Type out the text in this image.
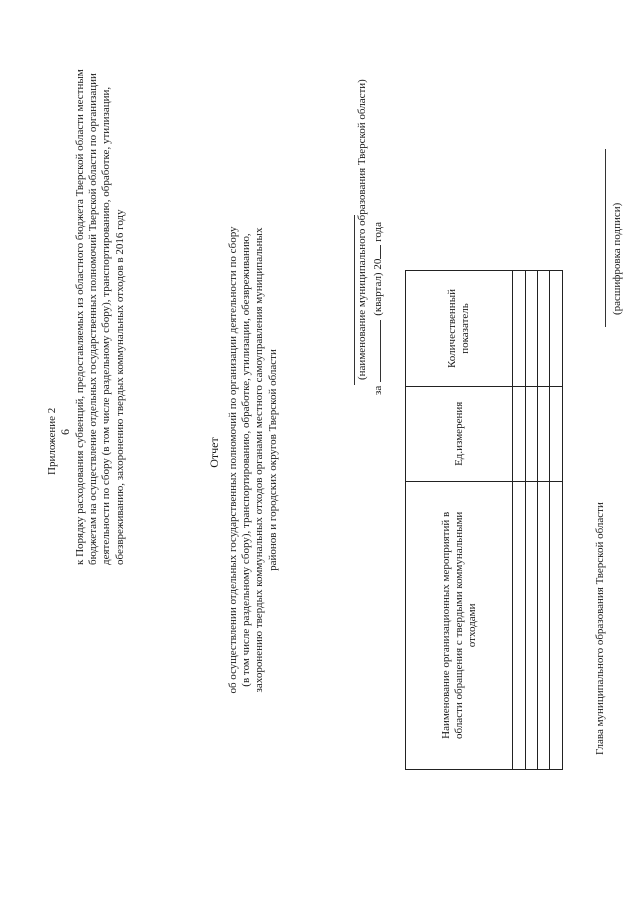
6
Приложение 2 к Порядку расходования субвенций, предоставляемых из областного бюджета Тверской области местным бюджетам на осуществление отдельных государственных полномочий Тверской области по организации деятельности по сбору (в том числе раздельному сбору), транспортированию, обработке, утилизации, обезвреживанию, захоронению твердых коммунальных отходов в 2016 году	Отчет об осуществлении отдельных государственных полномочий по организации деятельности по сбору (в том числе раздельному сбору), транспортированию, обработке, утилизации, обезвреживанию, захоронению твердых коммунальных отходов органами местного самоуправления муниципальных районов и городских округов Тверской области
(наименование муниципального образования Тверской области)
за(квартал) 20 года
Наименование организационных мероприятий в области обращения с твердыми коммунальными отходами	Ед.измерения	Количественный показатель

Глава муниципального образования Тверской области
(расшифровка подписи)
